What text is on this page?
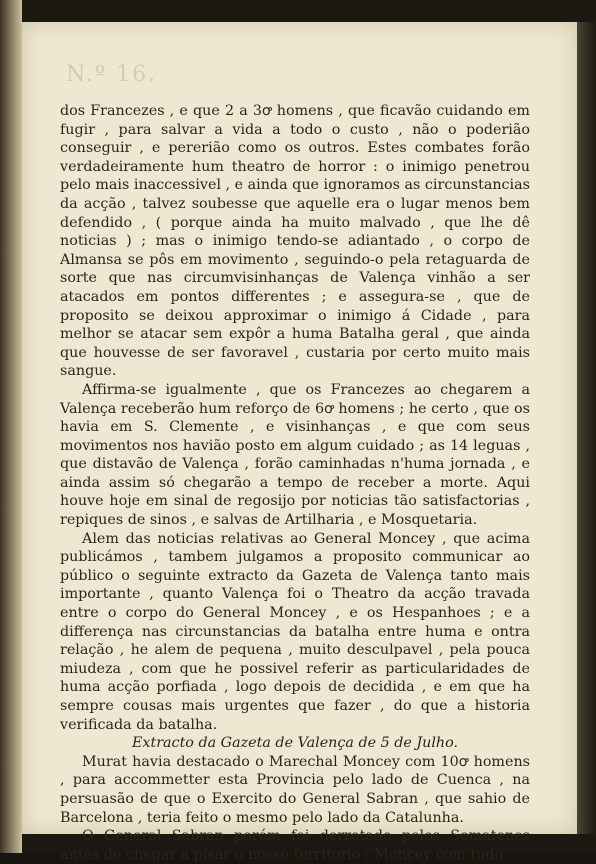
N.º 16.

dos Francezes , e que 2 a 3ꝍ homens , que ficavão cuidando em fugir , para salvar a vida a todo o custo , não o poderião conseguir , e pererião como os outros. Estes combates forão verdadeiramente hum theatro de horror : o inimigo penetrou pelo mais inaccessivel , e ainda que ignoramos as circunstancias da acção , talvez soubesse que aquelle era o lugar menos bem defendido , ( porque ainda ha muito malvado , que lhe dê noticias ) ; mas o inimigo tendo-se adiantado , o corpo de Almansa se pôs em movimento , seguindo-o pela retaguarda de sorte que nas circumvisinhanças de Valença vinhão a ser atacados em pontos differentes ; e assegura-se , que de proposito se deixou approximar o inimigo á Cidade , para melhor se atacar sem expôr a huma Batalha geral , que ainda que houvesse de ser favoravel , custaria por certo muito mais sangue.

Affirma-se igualmente , que os Francezes ao chegarem a Valença receberão hum reforço de 6ꝍ homens ; he certo , que os havia em S. Clemente , e visinhanças , e que com seus movimentos nos havião posto em algum cuidado ; as 14 leguas , que distavão de Valença , forão caminhadas n'huma jornada , e ainda assim só chegarão a tempo de receber a morte. Aqui houve hoje em sinal de regosijo por noticias tão satisfactorias , repiques de sinos , e salvas de Artilharia , e Mosquetaria.

Alem das noticias relativas ao General Moncey , que acima publicámos , tambem julgamos a proposito communicar ao público o seguinte extracto da Gazeta de Valença tanto mais importante , quanto Valença foi o Theatro da acção travada entre o corpo do General Moncey , e os Hespanhoes ; e a differença nas circunstancias da batalha entre huma e ontra relação , he alem de pequena , muito desculpavel , pela pouca miudeza , com que he possivel referir as particularidades de huma acção porfiada , logo depois de decidida , e em que ha sempre cousas mais urgentes que fazer , do que a historia verificada da batalha.

Extracto da Gazeta de Valença de 5 de Julho.

Murat havia destacado o Marechal Moncey com 10ꝍ homens , para accommetter esta Provincia pelo lado de Cuenca , na persuasão de que o Exercito do General Sabran , que sahio de Barcelona , teria feito o mesmo pelo lado da Catalunha.

O General Sabran porém foi derrotado pelos Somatenes antes de chegar a pisar o nosso territorio : Moncey com tudo
